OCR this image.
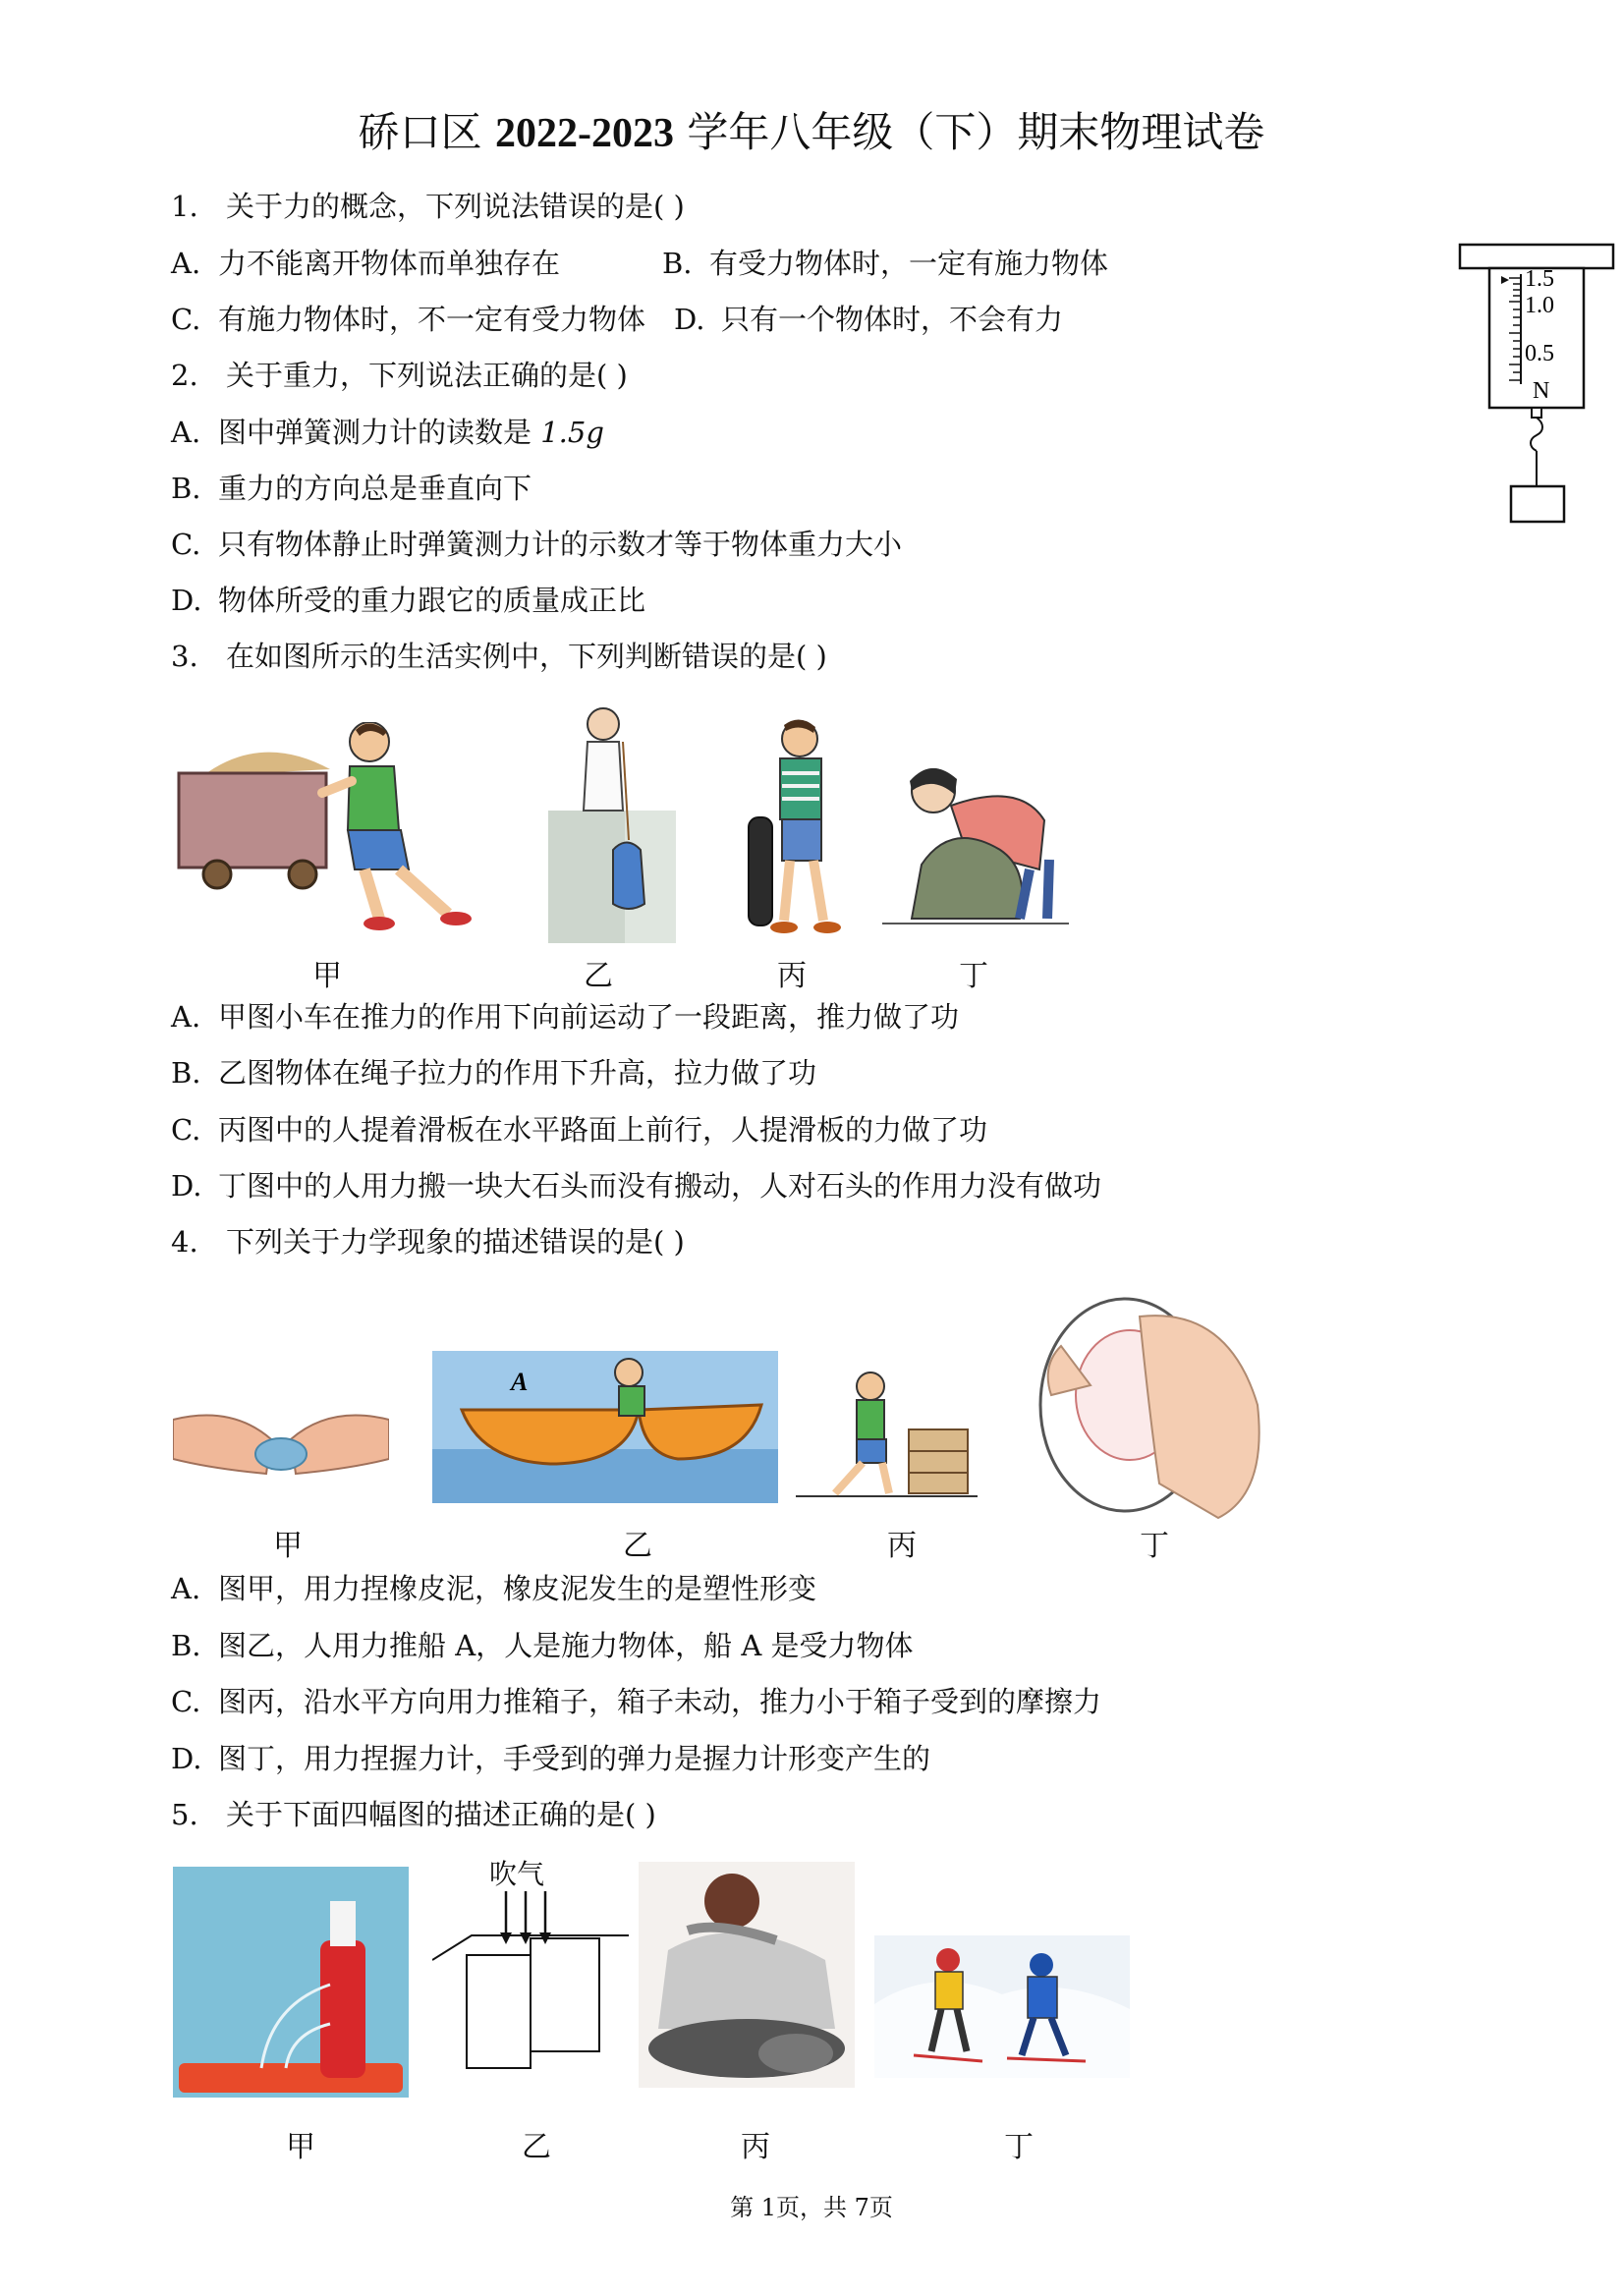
硚口区 2022-2023 学年八年级（下）期末物理试卷
1. 关于力的概念，下列说法错误的是( )
A. 力不能离开物体而单独存在	B. 有受力物体时，一定有施力物体
C. 有施力物体时，不一定有受力物体 D. 只有一个物体时，不会有力
2. 关于重力，下列说法正确的是( )
A. 图中弹簧测力计的读数是 1.5g
B. 重力的方向总是垂直向下
C. 只有物体静止时弹簧测力计的示数才等于物体重力大小
D. 物体所受的重力跟它的质量成正比
1.5
1.0
0.5
N
3. 在如图所示的生活实例中，下列判断错误的是( )
甲	乙	丙	丁
A. 甲图小车在推力的作用下向前运动了一段距离，推力做了功
B. 乙图物体在绳子拉力的作用下升高，拉力做了功
C. 丙图中的人提着滑板在水平路面上前行，人提滑板的力做了功
D. 丁图中的人用力搬一块大石头而没有搬动，人对石头的作用力没有做功
4. 下列关于力学现象的描述错误的是( )
A
甲	乙	丙	丁
A. 图甲，用力捏橡皮泥，橡皮泥发生的是塑性形变
B. 图乙，人用力推船 A，人是施力物体，船 A 是受力物体
C. 图丙，沿水平方向用力推箱子，箱子未动，推力小于箱子受到的摩擦力
D. 图丁，用力捏握力计，手受到的弹力是握力计形变产生的
5. 关于下面四幅图的描述正确的是( )
吹气
甲	乙	丙	丁
第 1页，共 7页
